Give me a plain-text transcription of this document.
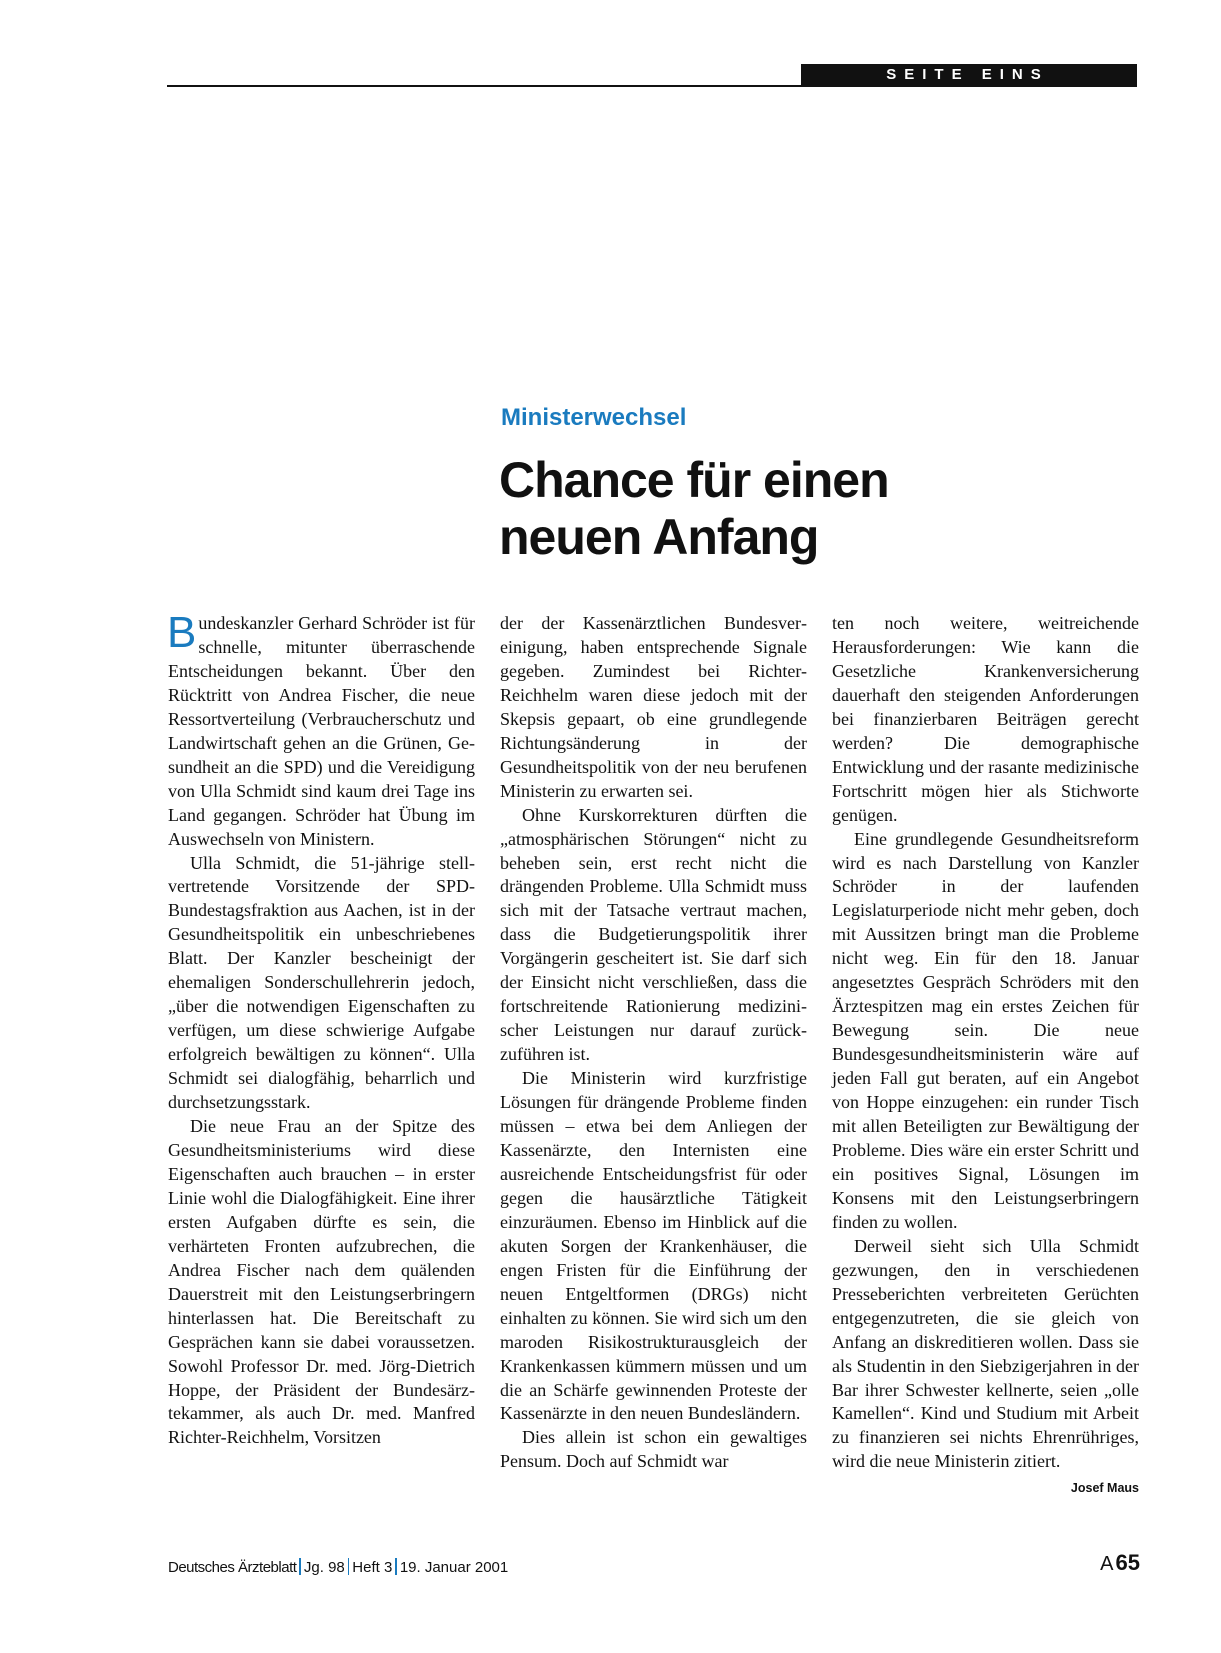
SEITE EINS
Ministerwechsel
Chance für einen
neuen Anfang

Bundeskanzler Gerhard Schröder ist für schnelle, mitunter überraschende Entscheidungen bekannt. Über den Rücktritt von Andrea Fischer, die neue Ressortverteilung (Verbraucherschutz und Landwirtschaft gehen an die Grünen, Gesundheit an die SPD) und die Vereidigung von Ulla Schmidt sind kaum drei Tage ins Land gegangen. Schröder hat Übung im Auswechseln von Ministern.

Ulla Schmidt, die 51-jährige stellvertretende Vorsitzende der SPD-Bundestagsfraktion aus Aachen, ist in der Gesundheitspolitik ein unbeschriebenes Blatt. Der Kanzler bescheinigt der ehemaligen Sonderschullehrerin jedoch, „über die notwendigen Eigenschaften zu verfügen, um diese schwierige Aufgabe erfolgreich bewältigen zu können“. Ulla Schmidt sei dialogfähig, beharrlich und durchsetzungsstark.

Die neue Frau an der Spitze des Gesundheitsministeriums wird diese Eigenschaften auch brauchen – in erster Linie wohl die Dialogfähigkeit. Eine ihrer ersten Aufgaben dürfte es sein, die verhärteten Fronten aufzubrechen, die Andrea Fischer nach dem quälenden Dauerstreit mit den Leistungserbringern hinterlassen hat. Die Bereitschaft zu Gesprächen kann sie dabei voraussetzen. Sowohl Professor Dr. med. Jörg-Dietrich Hoppe, der Präsident der Bundesärztekammer, als auch Dr. med. Manfred Richter-Reichhelm, Vorsitzen

der der Kassenärztlichen Bundesvereinigung, haben entsprechende Signale gegeben. Zumindest bei Richter-Reichhelm waren diese jedoch mit der Skepsis gepaart, ob eine grundlegende Richtungsänderung in der Gesundheitspolitik von der neu berufenen Ministerin zu erwarten sei.

Ohne Kurskorrekturen dürften die „atmosphärischen Störungen“ nicht zu beheben sein, erst recht nicht die drängenden Probleme. Ulla Schmidt muss sich mit der Tatsache vertraut machen, dass die Budgetierungspolitik ihrer Vorgängerin gescheitert ist. Sie darf sich der Einsicht nicht verschließen, dass die fortschreitende Rationierung medizinischer Leistungen nur darauf zurückzuführen ist.

Die Ministerin wird kurzfristige Lösungen für drängende Probleme finden müssen – etwa bei dem Anliegen der Kassenärzte, den Internisten eine ausreichende Entscheidungsfrist für oder gegen die hausärztliche Tätigkeit einzuräumen. Ebenso im Hinblick auf die akuten Sorgen der Krankenhäuser, die engen Fristen für die Einführung der neuen Entgeltformen (DRGs) nicht einhalten zu können. Sie wird sich um den maroden Risikostrukturausgleich der Krankenkassen kümmern müssen und um die an Schärfe gewinnenden Proteste der Kassenärzte in den neuen Bundesländern.

Dies allein ist schon ein gewaltiges Pensum. Doch auf Schmidt war

ten noch weitere, weitreichende Herausforderungen: Wie kann die Gesetzliche Krankenversicherung dauerhaft den steigenden Anforderungen bei finanzierbaren Beiträgen gerecht werden? Die demographische Entwicklung und der rasante medizinische Fortschritt mögen hier als Stichworte genügen.

Eine grundlegende Gesundheitsreform wird es nach Darstellung von Kanzler Schröder in der laufenden Legislaturperiode nicht mehr geben, doch mit Aussitzen bringt man die Probleme nicht weg. Ein für den 18. Januar angesetztes Gespräch Schröders mit den Ärztespitzen mag ein erstes Zeichen für Bewegung sein. Die neue Bundesgesundheitsministerin wäre auf jeden Fall gut beraten, auf ein Angebot von Hoppe einzugehen: ein runder Tisch mit allen Beteiligten zur Bewältigung der Probleme. Dies wäre ein erster Schritt und ein positives Signal, Lösungen im Konsens mit den Leistungserbringern finden zu wollen.

Derweil sieht sich Ulla Schmidt gezwungen, den in verschiedenen Presseberichten verbreiteten Gerüchten entgegenzutreten, die sie gleich von Anfang an diskreditieren wollen. Dass sie als Studentin in den Siebzigerjahren in der Bar ihrer Schwester kellnerte, seien „olle Kamellen“. Kind und Studium mit Arbeit zu finanzieren sei nichts Ehrenrühriges, wird die neue Ministerin zitiert.
Josef Maus

Deutsches Ärzteblatt Jg. 98 Heft 3 19. Januar 2001	A65
